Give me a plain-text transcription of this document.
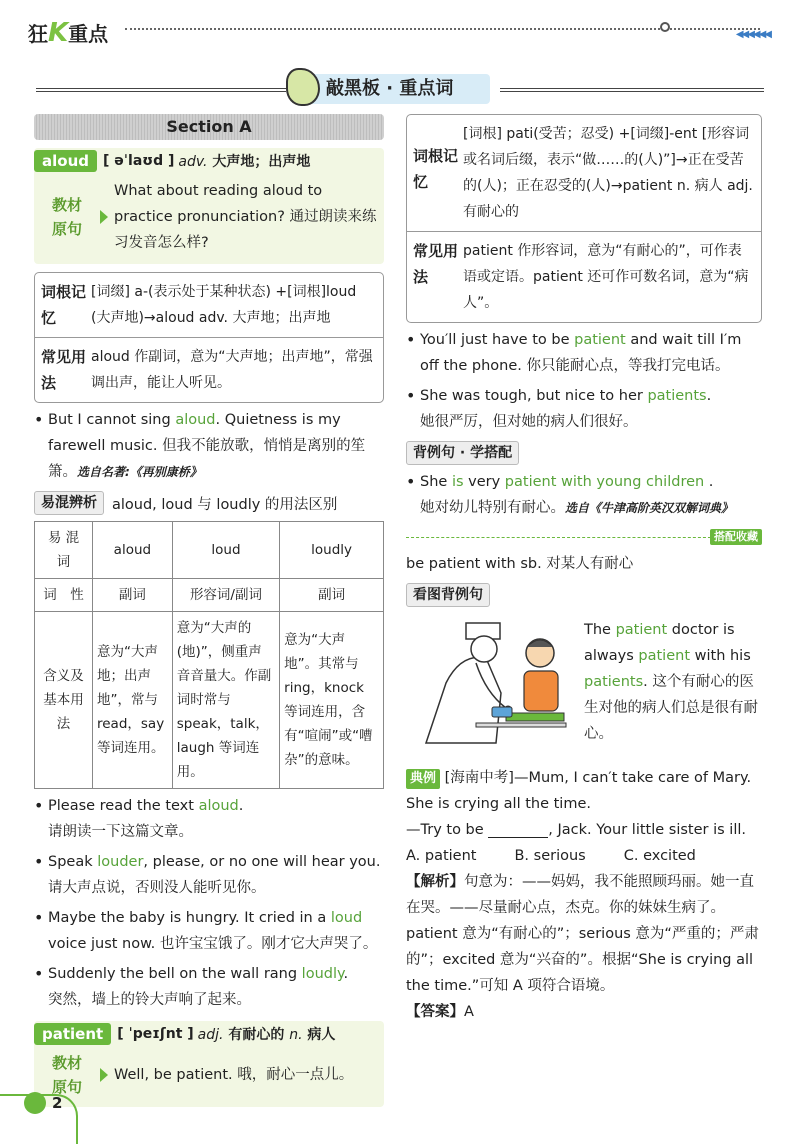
狂K重点	◀◀◀◀◀◀
敲黑板 · 重点词
Section A
aloud	[ əˈlaʊd ] adv. 大声地；出声地
教材
原句
What about reading aloud to practice pronunciation? 通过朗读来练习发音怎么样?
词根记忆
[词缀] a-(表示处于某种状态) +[词根]loud (大声地)→aloud adv. 大声地；出声地
常见用法
aloud 作副词，意为“大声地；出声地”，常强调出声，能让人听见。
• But I cannot sing aloud. Quietness is my farewell music. 但我不能放歌，悄悄是离别的笙箫。选自名著:《再别康桥》
易混辨析	aloud, loud 与 loudly 的用法区别
易 混 词	aloud	loud	loudly
词　性	副词	形容词/副词	副词
含义及基本用法	意为“大声地；出声地”，常与 read，say 等词连用。	意为“大声的(地)”，侧重声音音量大。作副词时常与 speak，talk，laugh 等词连用。	意为“大声地”。其常与 ring，knock 等词连用，含有“喧闹”或“嘈杂”的意味。
• Please read the text aloud.
请朗读一下这篇文章。
• Speak louder, please, or no one will hear you.
请大声点说，否则没人能听见你。
• Maybe the baby is hungry. It cried in a loud voice just now. 也许宝宝饿了。刚才它大声哭了。
• Suddenly the bell on the wall rang loudly.
突然，墙上的铃大声响了起来。
patient	[ ˈpeɪʃnt ] adj. 有耐心的 n. 病人
教材
原句
Well, be patient. 哦，耐心一点儿。
词根记忆
[词根] pati(受苦；忍受) +[词缀]-ent [形容词或名词后缀，表示“做……的(人)”]→正在受苦的(人)；正在忍受的(人)→patient n. 病人 adj. 有耐心的
常见用法
patient 作形容词，意为“有耐心的”，可作表语或定语。patient 还可作可数名词，意为“病人”。
• You′ll just have to be patient and wait till I′m off the phone. 你只能耐心点，等我打完电话。
• She was tough, but nice to her patients.
她很严厉，但对她的病人们很好。
背例句 · 学搭配
• She is very patient with young children .
她对幼儿特别有耐心。选自《牛津高阶英汉双解词典》
搭配收藏
be patient with sb. 对某人有耐心
看图背例句
The patient doctor is always patient with his patients. 这个有耐心的医生对他的病人们总是很有耐心。
典例 [海南中考]—Mum, I can′t take care of Mary. She is crying all the time.
—Try to be	, Jack. Your little sister is ill.
A. patient	B. serious	C. excited
【解析】句意为：——妈妈，我不能照顾玛丽。她一直在哭。——尽量耐心点，杰克。你的妹妹生病了。patient 意为“有耐心的”；serious 意为“严重的；严肃的”；excited 意为“兴奋的”。根据“She is crying all the time.”可知 A 项符合语境。
【答案】A
2
